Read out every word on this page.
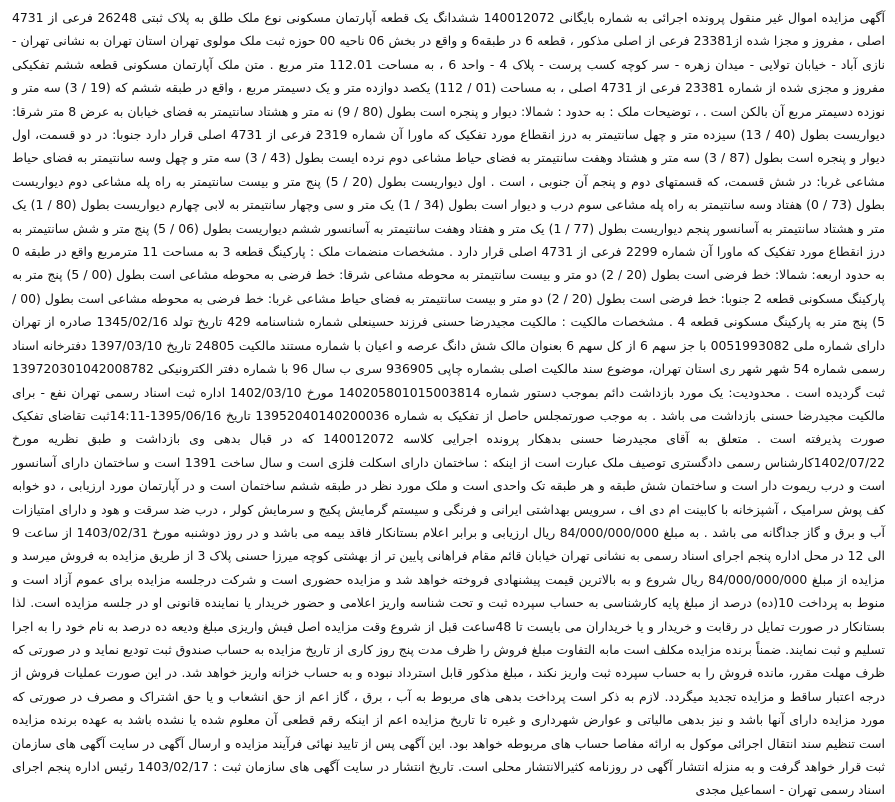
آگهی مزایده اموال غیر منقول پرونده اجرائی به شماره بایگانی 140012072 ششدانگ یک قطعه آپارتمان مسکونی نوع ملک طلق به پلاک ثبتی 26248 فرعی از 4731 اصلی ، مفروز و مجزا شده از23381 فرعی از اصلی مذکور ، قطعه 6 در طبقه6 و واقع در بخش 06 ناحیه 00 حوزه ثبت ملک مولوی تهران استان تهران به نشانی تهران - نازی آباد - خیابان تولایی - میدان زهره - سر کوچه کسب پرست - پلاک 4 - واحد 6 ، به مساحت 112.01 متر مربع . متن ملک آپارتمان مسکونی قطعه ششم تفکیکی مفروز و مجزی شده از شماره 23381 فرعی از 4731 اصلی ، به مساحت (01 / 112) یکصد دوازده متر و یک دسیمتر مربع ، واقع در طبقه ششم که (19 / 3) سه متر و نوزده دسیمتر مربع آن بالکن است . ، توضیحات ملک : به حدود : شمالا: دیوار و پنجره است بطول (80 / 9) نه متر و هشتاد سانتیمتر به فضای خیابان به عرض 8 متر شرقا: دیواریست بطول (40 / 13) سیزده متر و چهل سانتیمتر به درز انقطاع مورد تفکیک که ماورا آن شماره 2319 فرعی از 4731 اصلی قرار دارد جنوبا: در دو قسمت، اول دیوار و پنجره است بطول (87 / 3) سه متر و هشتاد وهفت سانتیمتر به فضای حیاط مشاعی دوم نرده ایست بطول (43 / 3) سه متر و چهل وسه سانتیمتر به فضای حیاط مشاعی غربا: در شش قسمت، که قسمتهای دوم و پنجم آن جنوبی ، است . اول دیواریست بطول (20 / 5) پنج متر و بیست سانتیمتر به راه پله مشاعی دوم دیواریست بطول (73 / 0) هفتاد وسه سانتیمتر به راه پله مشاعی سوم درب و دیوار است بطول (34 / 1) یک متر و سی وچهار سانتیمتر به لابی چهارم دیواریست بطول (80 / 1) یک متر و هشتاد سانتیمتر به آسانسور پنجم دیواریست بطول (77 / 1) یک متر و هفتاد وهفت سانتیمتر به آسانسور ششم دیواریست بطول (06 / 5) پنج متر و شش سانتیمتر به درز انقطاع مورد تفکیک که ماورا آن شماره 2299 فرعی از 4731 اصلی قرار دارد . مشخصات منضمات ملک : پارکینگ قطعه 3 به مساحت 11 مترمربع واقع در طبقه 0 به حدود اربعه: شمالا: خط فرضی است بطول (20 / 2) دو متر و بیست سانتیمتر به محوطه مشاعی شرقا: خط فرضی به محوطه مشاعی است بطول (00 / 5) پنج متر به پارکینگ مسکونی قطعه 2 جنوبا: خط فرضی است بطول (20 / 2) دو متر و بیست سانتیمتر به فضای حیاط مشاعی غربا: خط فرضی به محوطه مشاعی است بطول (00 / 5) پنج متر به پارکینگ مسکونی قطعه 4 . مشخصات مالکیت : مالکیت مجیدرضا حسنی فرزند حسینعلی شماره شناسنامه 429 تاریخ تولد 1345/02/16 صادره از تهران دارای شماره ملی 0051993082 با جز سهم 6 از کل سهم 6 بعنوان مالک شش دانگ عرصه و اعیان با شماره مستند مالکیت 24805 تاریخ 1397/03/10 دفترخانه اسناد رسمی شماره 54 شهر شهر ری استان تهران، موضوع سند مالکیت اصلی بشماره چاپی 936905 سری ب سال 96 با شماره دفتر الکترونیکی 139720301042008782 ثبت گردیده است . محدودیت: یک مورد بازداشت دائم بموجب دستور شماره 140205801015003814 مورخ 1402/03/10 اداره ثبت اسناد رسمی تهران نفع - برای مالکیت مجیدرضا حسنی بازداشت می باشد . به موجب صورتمجلس حاصل از تفکیک به شماره 13952040140200036 تاریخ 1395/06/16-14:11ثبت تقاضای تفکیک صورت پذیرفته است . متعلق به آقای مجیدرضا حسنی بدهکار پرونده اجرایی کلاسه 140012072 که در قبال بدهی وی بازداشت و طبق نظریه مورخ 1402/07/22کارشناس رسمی دادگستری توصیف ملک عبارت است از اینکه : ساختمان دارای اسکلت فلزی است و سال ساخت 1391 است و ساختمان دارای آسانسور است و درب ریموت دار است و ساختمان شش طبقه و هر طبقه تک واحدی است و ملک مورد نظر در طبقه ششم ساختمان است و در آپارتمان مورد ارزیابی ، دو خوابه کف پوش سرامیک ، آشپزخانه با کابینت ام دی اف ، سرویس بهداشتی ایرانی و فرنگی و سیستم گرمایش پکیج و سرمایش کولر ، درب ضد سرقت و هود و دارای امتیازات آب و برق و گاز جداگانه می باشد . به مبلغ 84/000/000/000 ریال ارزیابی و برابر اعلام بستانکار فاقد بیمه می باشد و در روز دوشنبه مورخ 1403/02/31 از ساعت 9 الی 12 در محل اداره پنجم اجرای اسناد رسمی به نشانی تهران خیابان قائم مقام فراهانی پایین تر از بهشتی کوچه میرزا حسنی پلاک 3 از طریق مزایده به فروش میرسد و مزایده از مبلغ 84/000/000/000 ریال شروع و به بالاترین قیمت پیشنهادی فروخته خواهد شد و مزایده حضوری است و شرکت درجلسه مزایده برای عموم آزاد است و منوط به پرداخت 10(ده) درصد از مبلغ پایه کارشناسی به حساب سپرده ثبت و تحت شناسه واریز اعلامی و حضور خریدار یا نماینده قانونی او در جلسه مزایده است. لذا بستانکار در صورت تمایل در رقابت و خریدار و یا خریداران می بایست تا 48ساعت قبل از شروع وقت مزایده اصل فیش واریزی مبلغ ودیعه ده درصد به نام خود را به اجرا تسلیم و ثبت نمایند. ضمناً برنده مزایده مکلف است مابه التفاوت مبلغ فروش را ظرف مدت پنج روز کاری از تاریخ مزایده به حساب صندوق ثبت تودیع نماید و در صورتی که ظرف مهلت مقرر، مانده فروش را به حساب سپرده ثبت واریز نکند ، مبلغ مذکور قابل استرداد نبوده و به حساب خزانه واریز خواهد شد. در این صورت عملیات فروش از درجه اعتبار ساقط و مزایده تجدید میگردد. لازم به ذکر است پرداخت بدهی های مربوط به آب ، برق ، گاز اعم از حق انشعاب و یا حق اشتراک و مصرف در صورتی که مورد مزایده دارای آنها باشد و نیز بدهی مالیاتی و عوارض شهرداری و غیره تا تاریخ مزایده اعم از اینکه رقم قطعی آن معلوم شده یا نشده باشد به عهده برنده مزایده است تنظیم سند انتقال اجرائی موکول به ارائه مفاصا حساب های مربوطه خواهد بود. این آگهی پس از تایید نهائی فرآیند مزایده و ارسال آگهی در سایت آگهی های سازمان ثبت قرار خواهد گرفت و به منزله انتشار آگهی در روزنامه کثیرالانتشار محلی است. تاریخ انتشار در سایت آگهی های سازمان ثبت : 1403/02/17 رئیس اداره پنجم اجرای اسناد رسمی تهران - اسماعیل مجدی
